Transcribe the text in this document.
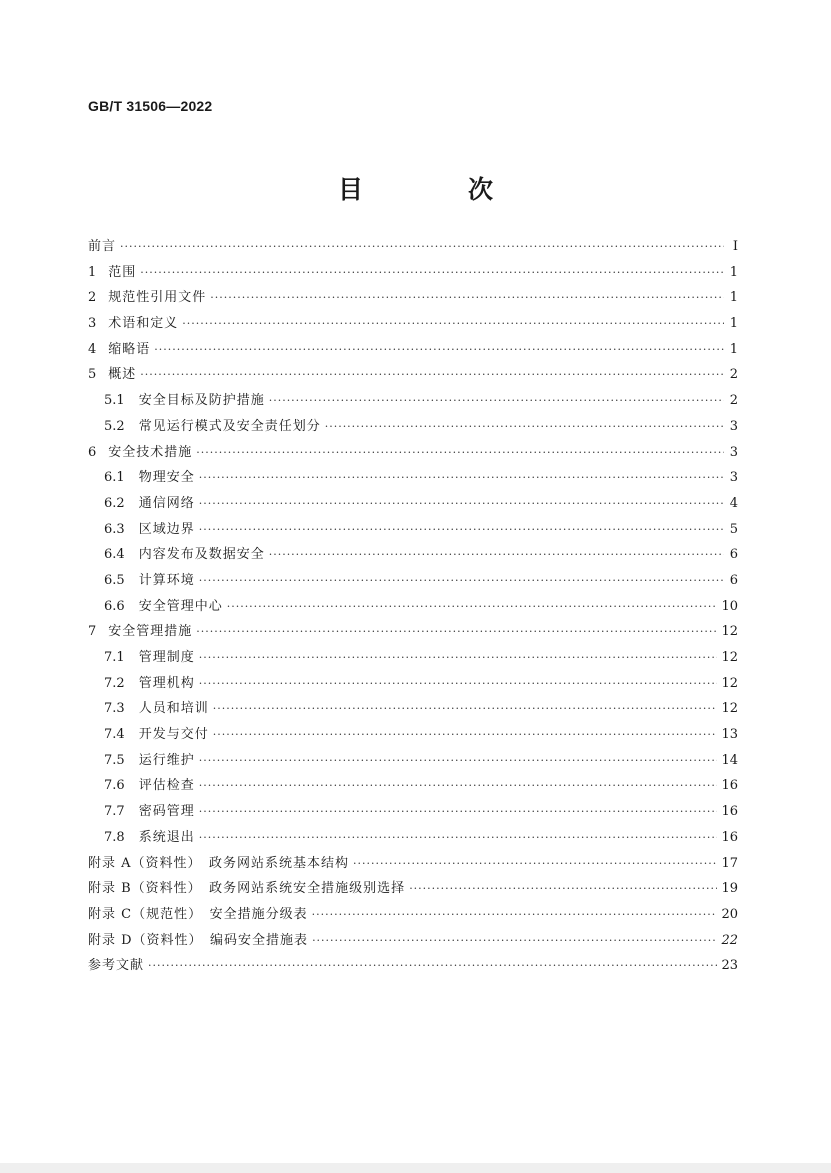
GB/T 31506—2022
目　次
前言 ·····	Ⅰ
1 范围 ·····	1
2 规范性引用文件 ·····	1
3 术语和定义 ·····	1
4 缩略语 ·····	1
5 概述 ·····	2
5.1 安全目标及防护措施 ·····	2
5.2 常见运行模式及安全责任划分 ·····	3
6 安全技术措施 ·····	3
6.1 物理安全 ·····	3
6.2 通信网络 ·····	4
6.3 区域边界 ·····	5
6.4 内容发布及数据安全 ·····	6
6.5 计算环境 ·····	6
6.6 安全管理中心 ·····	10
7 安全管理措施 ·····	12
7.1 管理制度 ·····	12
7.2 管理机构 ·····	12
7.3 人员和培训 ·····	12
7.4 开发与交付 ·····	13
7.5 运行维护 ·····	14
7.6 评估检查 ·····	16
7.7 密码管理 ·····	16
7.8 系统退出 ·····	16
附录 A（资料性）　政务网站系统基本结构 ·····	17
附录 B（资料性）　政务网站系统安全措施级别选择 ·····	19
附录 C（规范性）　安全措施分级表 ·····	20
附录 D（资料性）　编码安全措施表 ·····	22
参考文献 ·····	23
